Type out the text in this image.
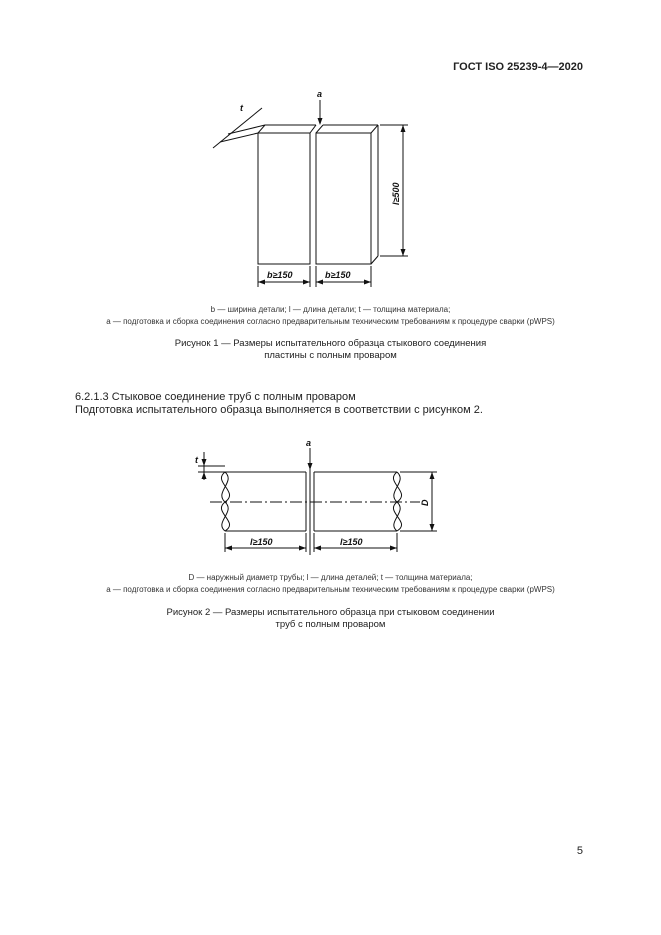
ГОСТ ISO 25239-4—2020
t
a
b≥150	b≥150
l≥500
b — ширина детали; l — длина детали; t — толщина материала;
a — подготовка и сборка соединения согласно предварительным техническим требованиям к процедуре сварки (pWPS)
Рисунок 1 — Размеры испытательного образца стыкового соединения
пластины с полным проваром
6.2.1.3 Стыковое соединение труб с полным проваром
Подготовка испытательного образца выполняется в соответствии с рисунком 2.
t
a
D
l≥150	l≥150
D — наружный диаметр трубы; l — длина деталей; t — толщина материала;
a — подготовка и сборка соединения согласно предварительным техническим требованиям к процедуре сварки (pWPS)
Рисунок 2 — Размеры испытательного образца при стыковом соединении
труб с полным проваром
5
